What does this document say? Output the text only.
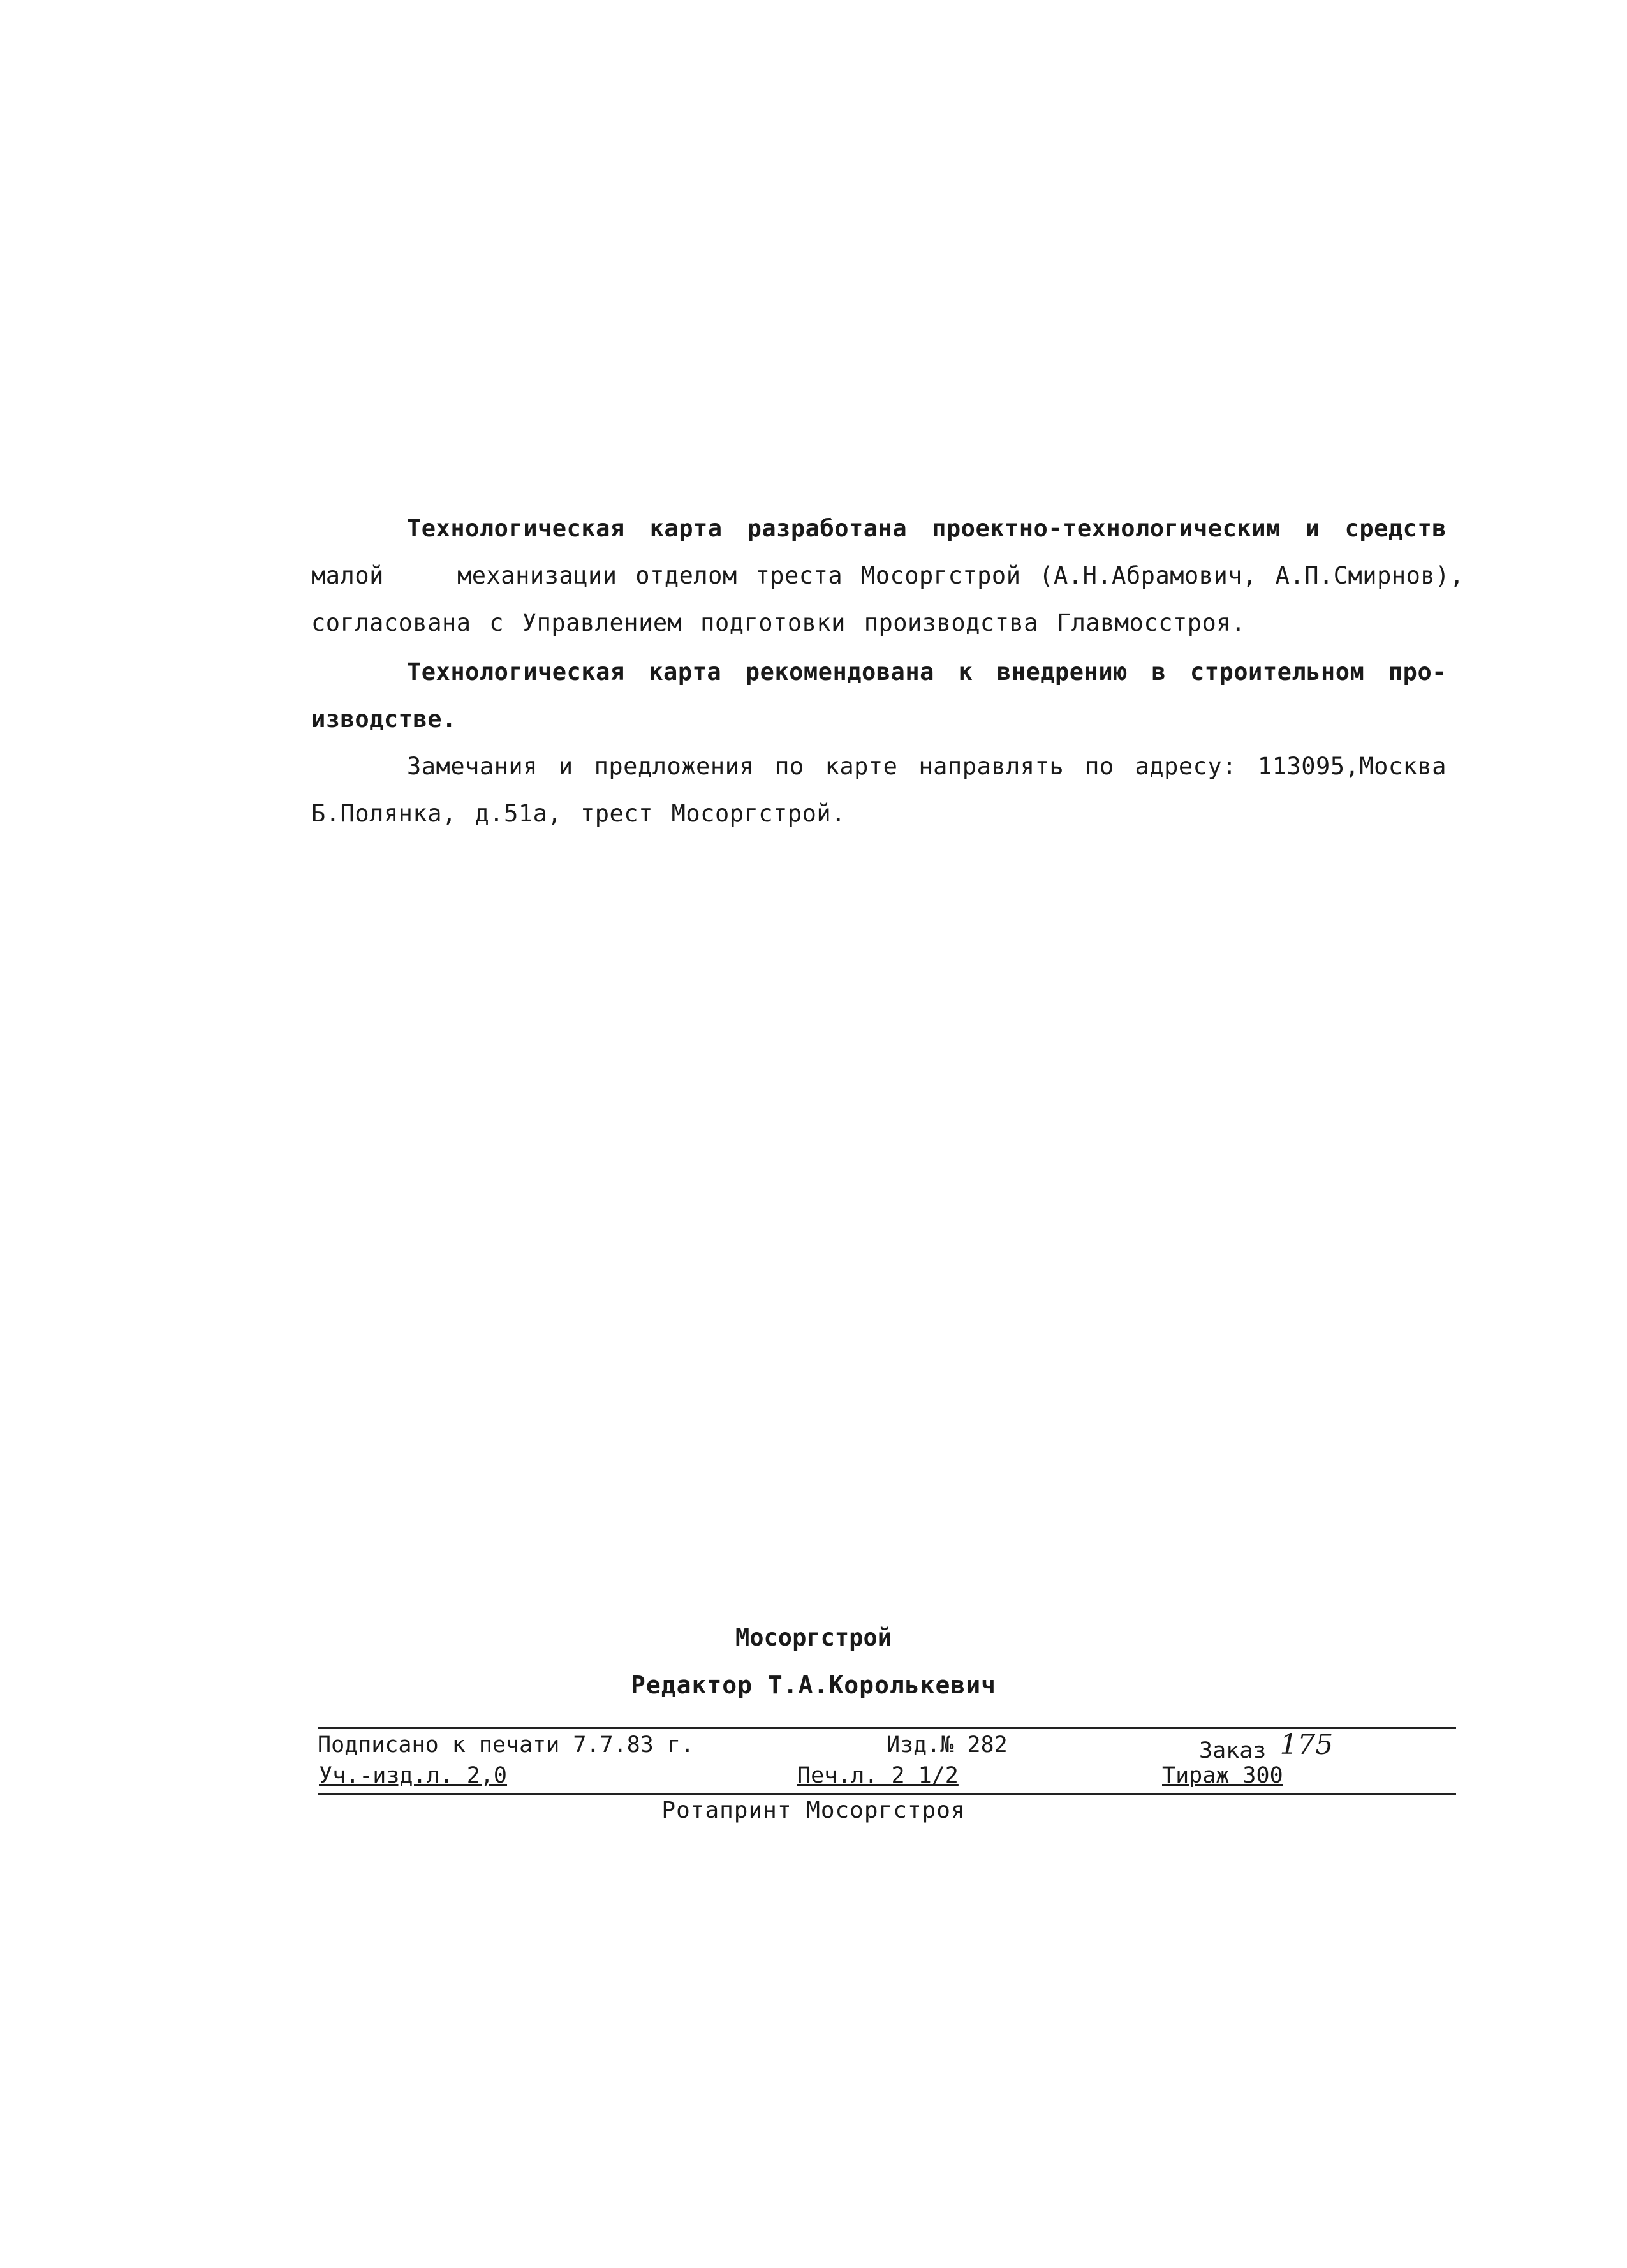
Технологическая карта разработана проектно-технологическим и средств
малой    механизации отделом треста Мосоргстрой (А.Н.Абрамович, А.П.Смирнов),
согласована с Управлением подготовки производства Главмосстроя.
Технологическая карта рекомендована к внедрению в строительном про-
изводстве.
Замечания и предложения по карте направлять по адресу: 113095,Москва
Б.Полянка, д.51а, трест Мосоргстрой.
Мосоргстрой
Редактор Т.А.Королькевич
Подписано к печати 7.7.83 г.	Изд.№ 282	Заказ 175
Уч.-изд.л. 2,0	Печ.л. 2 1/2	Тираж 300
Ротапринт Мосоргстроя
